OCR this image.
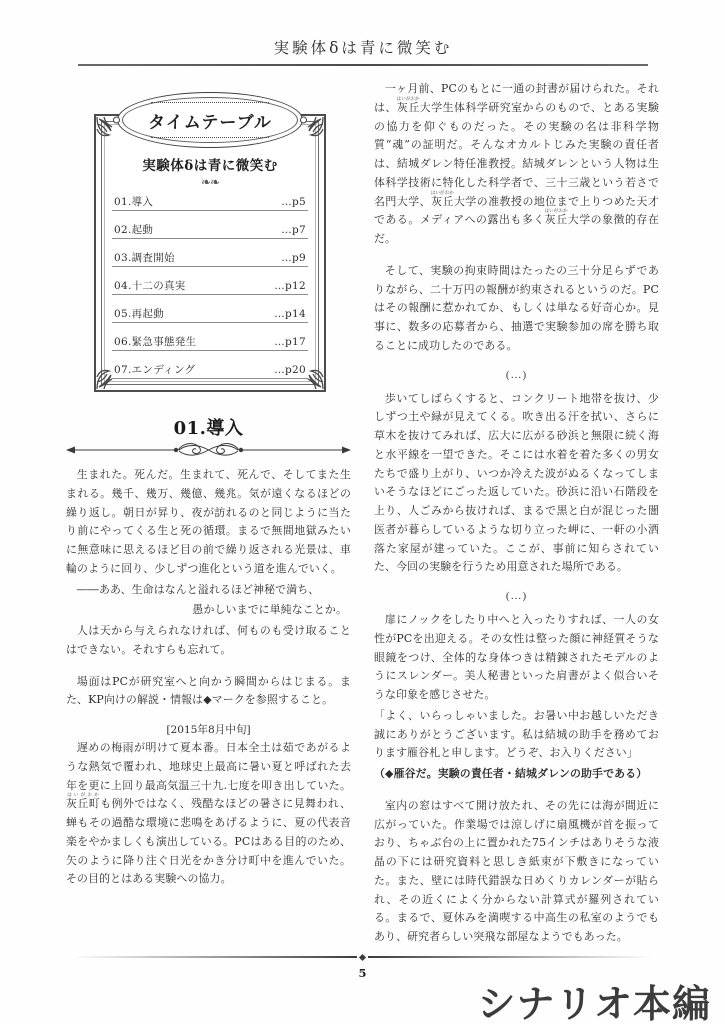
実験体δは青に微笑む
タイムテーブル
実験体δは青に微笑む
❧❧
01.導入	…p5
02.起動	…p7
03.調査開始	…p9
04.十二の真実	…p12
05.再起動	…p14
06.緊急事態発生	…p17
07.エンディング	…p20
01.導入

生まれた。死んだ。生まれて、死んで、そしてまた生まれる。幾千、幾万、幾億、幾兆。気が遠くなるほどの繰り返し。朝日が昇り、夜が訪れるのと同じように当たり前にやってくる生と死の循環。まるで無間地獄みたいに無意味に思えるほど目の前で繰り返される光景は、車輪のように回り、少しずつ進化という道を進んでいく。

――ああ、生命はなんと溢れるほど神秘で満ち、

愚かしいまでに単純なことか。

人は天から与えられなければ、何ものも受け取ることはできない。それすらも忘れて。

場面はPCが研究室へと向かう瞬間からはじまる。また、KP向けの解説・情報は◆マークを参照すること。

[2015年8月中旬]

遅めの梅雨が明けて夏本番。日本全土は茹であがるような熱気で覆われ、地球史上最高に暑い夏と呼ばれた去年を更に上回り最高気温三十九.七度を叩き出していた。灰丘町はいがおかも例外ではなく、残酷なほどの暑さに見舞われ、蝉もその過酷な環境に悲鳴をあげるように、夏の代表音楽をやかましくも演出している。PCはある目的のため、矢のように降り注ぐ日光をかき分け町中を進んでいた。その目的とはある実験への協力。

一ヶ月前、PCのもとに一通の封書が届けられた。それは、灰丘はいがおか大学生体科学研究室からのもので、とある実験の協力を仰ぐものだった。その実験の名は非科学物質“魂”の証明だ。そんなオカルトじみた実験の責任者は、結城ダレン特任准教授。結城ダレンという人物は生体科学技術に特化した科学者で、三十三歳という若さで名門大学、灰丘はいがおか大学の准教授の地位まで上りつめた天才である。メディアへの露出も多く灰丘はいがおか大学の象徴的存在だ。

そして、実験の拘束時間はたったの三十分足らずでありながら、二十万円の報酬が約束されるというのだ。PCはその報酬に惹かれてか、もしくは単なる好奇心か。見事に、数多の応募者から、抽選で実験参加の席を勝ち取ることに成功したのである。

(…)

歩いてしばらくすると、コンクリート地帯を抜け、少しずつ土や緑が見えてくる。吹き出る汗を拭い、さらに草木を抜けてみれば、広大に広がる砂浜と無限に続く海と水平線を一望できた。そこには水着を着た多くの男女たちで盛り上がり、いつか冷えた波がぬるくなってしまいそうなほどにごった返していた。砂浜に沿い石階段を上り、人ごみから抜ければ、まるで黒と白が混じった闇医者が暮らしているような切り立った岬に、一軒の小洒落た家屋が建っていた。ここが、事前に知らされていた、今回の実験を行うため用意された場所である。

(…)

扉にノックをしたり中へと入ったりすれば、一人の女性がPCを出迎える。その女性は整った顔に神経質そうな眼鏡をつけ、全体的な身体つきは精錬されたモデルのようにスレンダー。美人秘書といった肩書がよく似合いそうな印象を感じさせた。

「よく、いらっしゃいました。お暑い中お越しいただき誠にありがとうございます。私は結城の助手を務めております雁谷札と申します。どうぞ、お入りください」

（◆雁谷だ。実験の責任者・結城ダレンの助手である）

室内の窓はすべて開け放たれ、その先には海が間近に広がっていた。作業場では涼しげに扇風機が首を振っており、ちゃぶ台の上に置かれた75インチはありそうな液晶の下には研究資料と思しき紙束が下敷きになっていた。また、壁には時代錯誤な日めくりカレンダーが貼られ、その近くによく分からない計算式が羅列されている。まるで、夏休みを満喫する中高生の私室のようでもあり、研究者らしい突飛な部屋なようでもあった。

5
シナリオ本編
